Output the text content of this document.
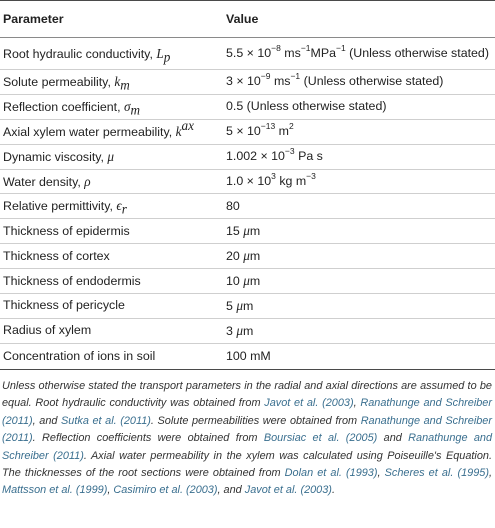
Parameter	Value
Root hydraulic conductivity, $L_p$	$5.5 \times 10^{-8}$ $ms^{-1}MPa^{-1}$ (Unless otherwise stated)
Solute permeability, $k_m$	$3 \times 10^{-9}$ $ms^{-1}$ (Unless otherwise stated)
Reflection coefficient, $\sigma_m$	0.5 (Unless otherwise stated)
Axial xylem water permeability, $k^{ax}$	$5 \times 10^{-13}$ $m^2$
Dynamic viscosity, μ	$1.002 \times 10^{-3}$ Pa s
Water density, ρ	$1.0 \times 10^3$ kg $m^{-3}$
Relative permittivity, $\epsilon_r$	80
Thickness of epidermis	15 μm
Thickness of cortex	20 μm
Thickness of endodermis	10 μm
Thickness of pericycle	5 μm
Radius of xylem	3 μm
Concentration of ions in soil	100 mM
Unless otherwise stated the transport parameters in the radial and axial directions are assumed to be equal. Root hydraulic conductivity was obtained from Javot et al. (2003), Ranathunge and Schreiber (2011), and Sutka et al. (2011). Solute permeabilities were obtained from Ranathunge and Schreiber (2011). Reflection coefficients were obtained from Boursiac et al. (2005) and Ranathunge and Schreiber (2011). Axial water permeability in the xylem was calculated using Poiseuille's Equation. The thicknesses of the root sections were obtained from Dolan et al. (1993), Scheres et al. (1995), Mattsson et al. (1999), Casimiro et al. (2003), and Javot et al. (2003).
